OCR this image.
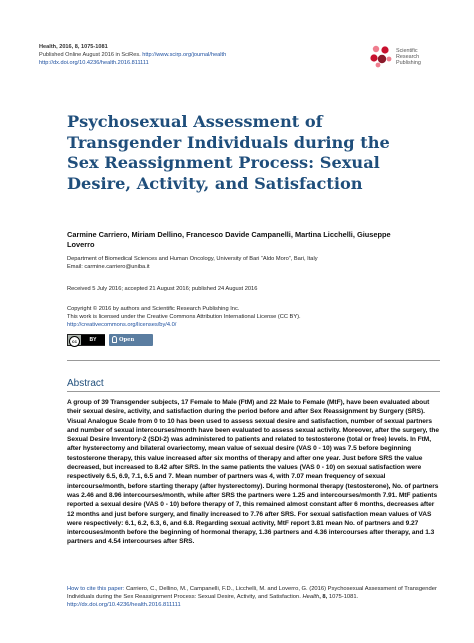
Health, 2016, 8, 1075-1081
Published Online August 2016 in SciRes. http://www.scirp.org/journal/health
http://dx.doi.org/10.4236/health.2016.811111
Scientific
Research
Publishing
Psychosexual Assessment of Transgender Individuals during the Sex Reassignment Process: Sexual Desire, Activity, and Satisfaction
Carmine Carriero, Miriam Dellino, Francesco Davide Campanelli, Martina Licchelli, Giuseppe Loverro
Department of Biomedical Sciences and Human Oncology, University of Bari “Aldo Moro”, Bari, Italy
Email: carmine.carriero@uniba.it
Received 5 July 2016; accepted 21 August 2016; published 24 August 2016
Copyright © 2016 by authors and Scientific Research Publishing Inc.
This work is licensed under the Creative Commons Attribution International License (CC BY).
http://creativecommons.org/licenses/by/4.0/
cc	BY	Open Access
Abstract
A group of 39 Transgender subjects, 17 Female to Male (FtM) and 22 Male to Female (MtF), have been evaluated about their sexual desire, activity, and satisfaction during the period before and after Sex Reassignment by Surgery (SRS). Visual Analogue Scale from 0 to 10 has been used to assess sexual desire and satisfaction, number of sexual partners and number of sexual intercourses/month have been evaluated to assess sexual activity. Moreover, after the surgery, the Sexual Desire Inventory-2 (SDI-2) was administered to patients and related to testosterone (total or free) levels. In FtM, after hysterectomy and bilateral ovariectomy, mean value of sexual desire (VAS 0 - 10) was 7.5 before beginning testosterone therapy, this value increased after six months of therapy and after one year. Just before SRS the value decreased, but increased to 8.42 after SRS. In the same patients the values (VAS 0 - 10) on sexual satisfaction were respectively 6.5, 6.9, 7.1, 6.5 and 7. Mean number of partners was 4, with 7.07 mean frequency of sexual intercourse/month, before starting therapy (after hysterectomy). During hormonal therapy (testosterone), No. of partners was 2.46 and 8.96 intercourses/month, while after SRS the partners were 1.25 and intercourses/month 7.91. MtF patients reported a sexual desire (VAS 0 - 10) before therapy of 7, this remained almost constant after 6 months, decreases after 12 months and just before surgery, and finally increased to 7.76 after SRS. For sexual satisfaction mean values of VAS were respectively: 6.1, 6.2, 6.3, 6, and 6.8. Regarding sexual activity, MtF report 3.81 mean No. of partners and 9.27 intercouses/month before the beginning of hormonal therapy, 1.36 partners and 4.36 intercourses after therapy, and 1.3 partners and 4.54 intercourses after SRS.
How to cite this paper: Carriero, C., Dellino, M., Campanelli, F.D., Licchelli, M. and Loverro, G. (2016) Psychosexual Assessment of Transgender Individuals during the Sex Reassignment Process: Sexual Desire, Activity, and Satisfaction. Health, 8, 1075-1081. http://dx.doi.org/10.4236/health.2016.811111
